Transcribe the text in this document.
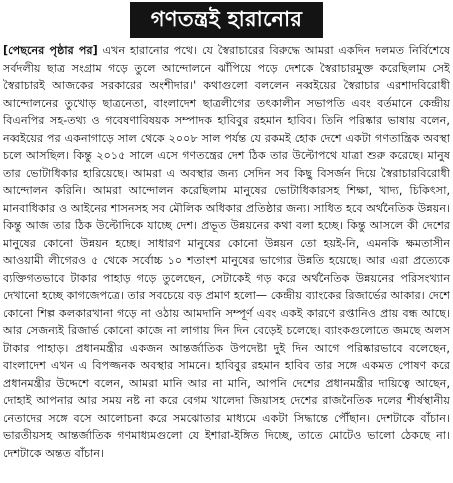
গণতন্ত্রই হারানোর
[পেছনের পৃষ্ঠার পর] এখন হারানোর পথে। যে স্বৈরাচারের বিরুদ্ধে আমরা একদিন দলমত নির্বিশেষে সর্বদলীয় ছাত্র সংগ্রাম গড়ে তুলে আন্দোলনে ঝাঁপিয়ে পড়ে দেশকে স্বৈরাচারমুক্ত করেছিলাম সেই স্বৈরাচারই আজকের সরকারের অংশীদার।' কথাগুলো বললেন নব্বইয়ের স্বৈরাচার এরশাদবিরোধী আন্দোলনের তুখোড় ছাত্রনেতা, বাংলাদেশ ছাত্রলীগের তৎকালীন সভাপতি এবং বর্তমানে কেন্দ্রীয় বিএনপির সহ-তথ্য ও গবেষণাবিষয়ক সম্পাদক হাবিবুর রহমান হাবিব। তিনি পরিষ্কার ভাষায় বলেন, নব্বইয়ের পর একনাগাড়ে সাল থেকে ২০০৮ সাল পর্যন্ত যে রকমই হোক দেশে একটা গণতান্ত্রিক অবস্থা চলে আসছিল। কিন্তু ২০১৫ সালে এসে গণতন্ত্রের দেশ ঠিক তার উল্টোপথে যাত্রা শুরু করেছে। মানুষ তার ভোটাধিকার হারিয়েছে। আমরা এ অবস্থার জন্য সেদিন সব কিছু বিসর্জন দিয়ে স্বৈরাচারবিরোধী আন্দোলন করিনি। আমরা আন্দোলন করেছিলাম মানুষের ভোটাধিকারসহ শিক্ষা, খাদ্য, চিকিৎসা, মানবাধিকার ও আইনের শাসনসহ সব মৌলিক অধিকার প্রতিষ্ঠার জন্য। সাধিত হবে অর্থনৈতিক উন্নয়ন। কিন্তু আজ তার ঠিক উল্টোদিকে যাচ্ছে দেশ। প্রভূত উন্নয়নের কথা বলা হচ্ছে। কিন্তু আসলে কী দেশের মানুষের কোনো উন্নয়ন হচ্ছে। সাধারণ মানুষের কোনো উন্নয়ন তো হয়ই-নি, এমনকি ক্ষমতাসীন আওয়ামী লীগেরও ৫ থেকে সর্বোচ্চ ১০ শতাংশ মানুষের ভাগ্যের উন্নতি হয়েছে। আর এরা প্রত্যেকে ব্যক্তিগতভাবে টাকার পাহাড় গড়ে তুলেছেন, সেটাকেই গড় করে অর্থনৈতিক উন্নয়নের পরিসংখ্যান দেখানো হচ্ছে কাগজেপত্রে। তার সবচেয়ে বড় প্রমাণ হলো— কেন্দ্রীয় ব্যাংকের রিজার্ভের আকার। দেশে কোনো শিল্প কলকারখানা গড়ে না ওঠায় আমদানি সম্পূর্ণ এবং একই কারণে রপ্তানিও প্রায় বন্ধ আছে। আর সেজন্যই রিজার্ভ কোনো কাজে না লাগায় দিন দিন বেড়েই চলেছে। ব্যাংকগুলোতে জমছে অলস টাকার পাহাড়। প্রধানমন্ত্রীর একজন আন্তর্জাতিক উপদেষ্টা দুই দিন আগে পরিষ্কারভাবে বলেছেন, বাংলাদেশ এখন এ বিপজ্জনক অবস্থার সামনে। হাবিবুর রহমান হাবিব তার সঙ্গে একমত পোষণ করে প্রধানমন্ত্রীর উদ্দেশে বলেন, আমরা মানি আর না মানি, আপনি দেশের প্রধানমন্ত্রীর দায়িত্বে আছেন, দোহাই আপনার আর সময় নষ্ট না করে বেগম খালেদা জিয়াসহ দেশের রাজনৈতিক দলের শীর্ষস্থানীয় নেতাদের সঙ্গে বসে আলোচনা করে সমঝোতার মাধ্যমে একটা সিদ্ধান্তে পৌঁছান। দেশটাকে বাঁচান। ভারতীয়সহ আন্তর্জাতিক গণমাধ্যমগুলো যে ইশারা-ইঙ্গিত দিচ্ছে, তাতে মোটেও ভালো ঠেকছে না। দেশটাকে অন্তত বাঁচান।
